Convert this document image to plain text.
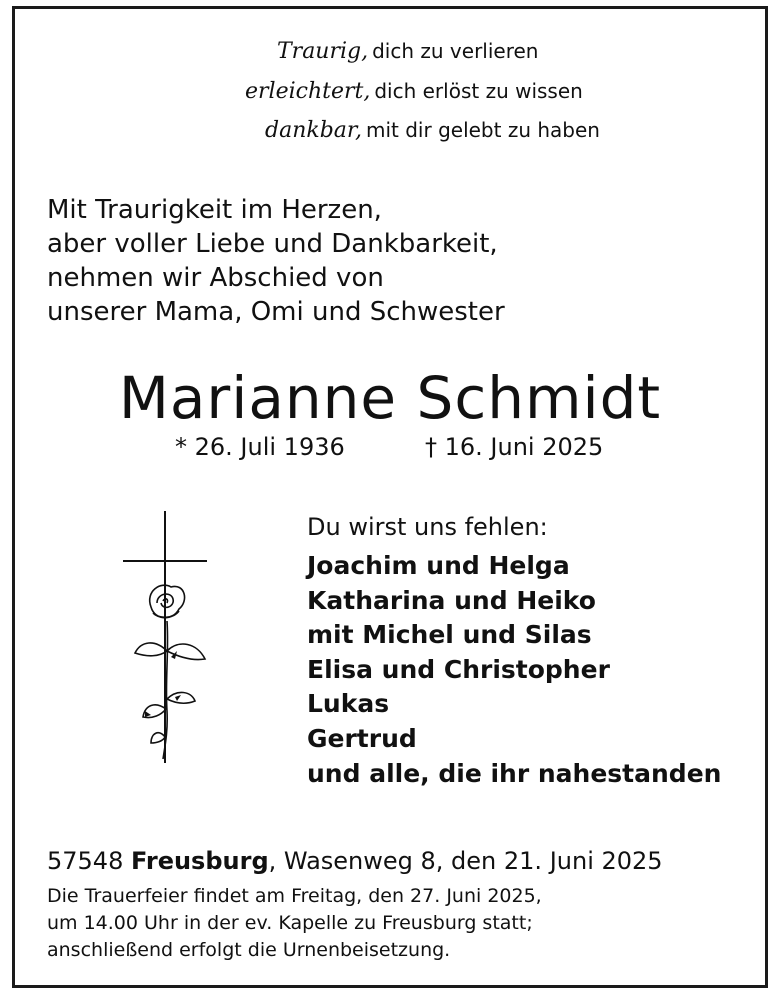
Traurig, dich zu verlieren
erleichtert, dich erlöst zu wissen
dankbar, mit dir gelebt zu haben
Mit Traurigkeit im Herzen,
aber voller Liebe und Dankbarkeit,
nehmen wir Abschied von
unserer Mama, Omi und Schwester
Marianne Schmidt
* 26. Juli 1936	† 16. Juni 2025
Du wirst uns fehlen:
Joachim und Helga
Katharina und Heiko
mit Michel und Silas
Elisa und Christopher
Lukas
Gertrud
und alle, die ihr nahestanden
57548 Freusburg, Wasenweg 8, den 21. Juni 2025
Die Trauerfeier findet am Freitag, den 27. Juni 2025,
um 14.00 Uhr in der ev. Kapelle zu Freusburg statt;
anschließend erfolgt die Urnenbeisetzung.
